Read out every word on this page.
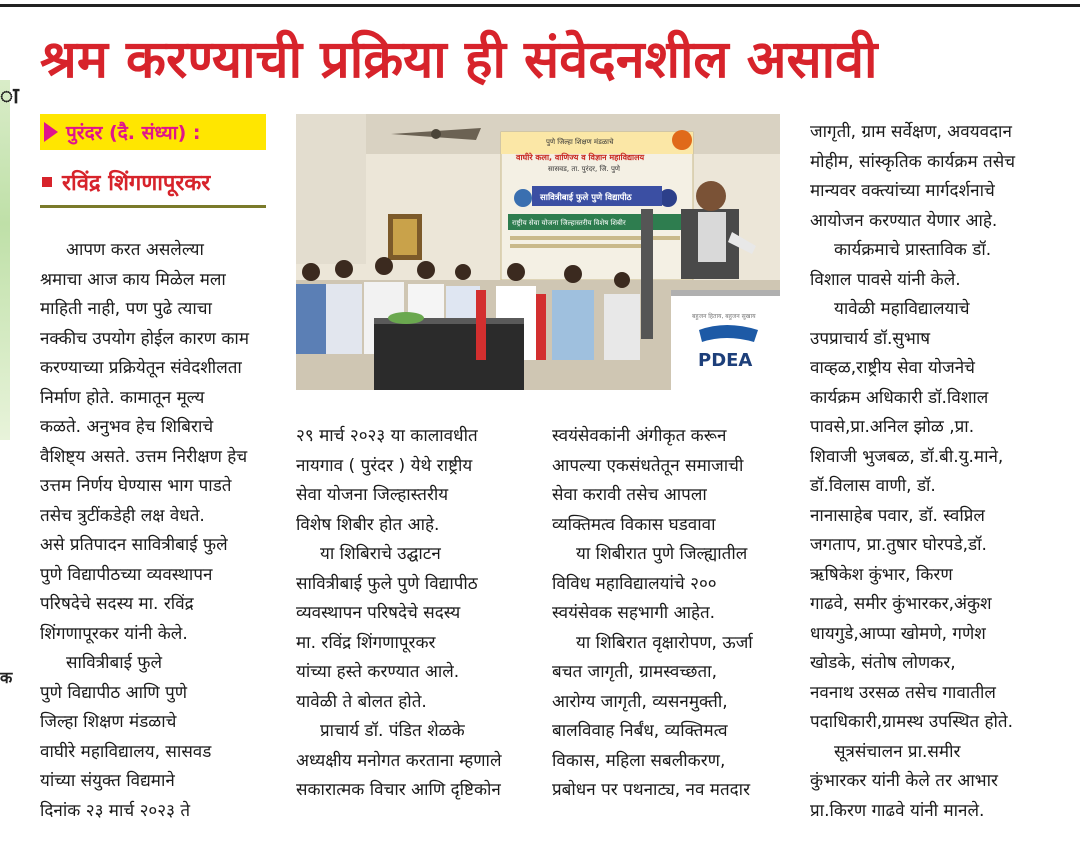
ा
क
श्रम करण्याची प्रक्रिया ही संवेदनशील असावी
पुरंदर (दै. संध्या) :
रविंद्र शिंगणापूरकर

आपण करत असलेल्या
श्रमाचा आज काय मिळेल मला
माहिती नाही, पण पुढे त्याचा
नक्कीच उपयोग होईल कारण काम
करण्याच्या प्रक्रियेतून संवेदशीलता
निर्माण होते. कामातून मूल्य
कळते. अनुभव हेच शिबिराचे
वैशिष्ट्य असते. उत्तम निरीक्षण हेच
उत्तम निर्णय घेण्यास भाग पाडते
तसेच त्रुटींकडेही लक्ष वेधते.
असे प्रतिपादन सावित्रीबाई फुले
पुणे विद्यापीठच्या व्यवस्थापन
परिषदेचे सदस्य मा. रविंद्र
शिंगणापूरकर यांनी केले.

सावित्रीबाई फुले
पुणे विद्यापीठ आणि पुणे
जिल्हा शिक्षण मंडळाचे
वाघीरे महाविद्यालय, सासवड
यांच्या संयुक्त विद्यमाने
दिनांक २३ मार्च २०२३ ते

पुणे जिल्हा शिक्षण मंडळाचे
वाघीरे कला, वाणिज्य व विज्ञान महाविद्यालय
सासवड, ता. पुरंदर, जि. पुणे
सावित्रीबाई फुले पुणे विद्यापीठ
राष्ट्रीय सेवा योजना जिल्हास्तरीय विशेष शिबीर
बहुजन हिताय, बहुजन सुखाय
PDEA

२९ मार्च २०२३ या कालावधीत
नायगाव ( पुरंदर ) येथे राष्ट्रीय
सेवा योजना जिल्हास्तरीय
विशेष शिबीर होत आहे.

या शिबिराचे उद्घाटन
सावित्रीबाई फुले पुणे विद्यापीठ
व्यवस्थापन परिषदेचे सदस्य
मा. रविंद्र शिंगणापूरकर
यांच्या हस्ते करण्यात आले.
यावेळी ते बोलत होते.

प्राचार्य डॉ. पंडित शेळके
अध्यक्षीय मनोगत करताना म्हणाले
सकारात्मक विचार आणि दृष्टिकोन

स्वयंसेवकांनी अंगीकृत करून
आपल्या एकसंधतेतून समाजाची
सेवा करावी तसेच आपला
व्यक्तिमत्व विकास घडवावा

या शिबीरात पुणे जिल्ह्यातील
विविध महाविद्यालयांचे २००
स्वयंसेवक सहभागी आहेत.

या शिबिरात वृक्षारोपण, ऊर्जा
बचत जागृती, ग्रामस्वच्छता,
आरोग्य जागृती, व्यसनमुक्ती,
बालविवाह निर्बंध, व्यक्तिमत्व
विकास, महिला सबलीकरण,
प्रबोधन पर पथनाट्य, नव मतदार

जागृती, ग्राम सर्वेक्षण, अवयवदान
मोहीम, सांस्कृतिक कार्यक्रम तसेच
मान्यवर वक्त्यांच्या मार्गदर्शनाचे
आयोजन करण्यात येणार आहे.

कार्यक्रमाचे प्रास्ताविक डॉ.
विशाल पावसे यांनी केले.

यावेळी महाविद्यालयाचे
उपप्राचार्य डॉ.सुभाष
वाव्हळ,राष्ट्रीय सेवा योजनेचे
कार्यक्रम अधिकारी डॉ.विशाल
पावसे,प्रा.अनिल झोळ ,प्रा.
शिवाजी भुजबळ, डॉ.बी.यु.माने,
डॉ.विलास वाणी, डॉ.
नानासाहेब पवार, डॉ. स्वप्निल
जगताप, प्रा.तुषार घोरपडे,डॉ.
ऋषिकेश कुंभार, किरण
गाढवे, समीर कुंभारकर,अंकुश
धायगुडे,आप्पा खोमणे, गणेश
खोडके, संतोष लोणकर,
नवनाथ उरसळ तसेच गावातील
पदाधिकारी,ग्रामस्थ उपस्थित होते.

सूत्रसंचालन प्रा.समीर
कुंभारकर यांनी केले तर आभार
प्रा.किरण गाढवे यांनी मानले.
